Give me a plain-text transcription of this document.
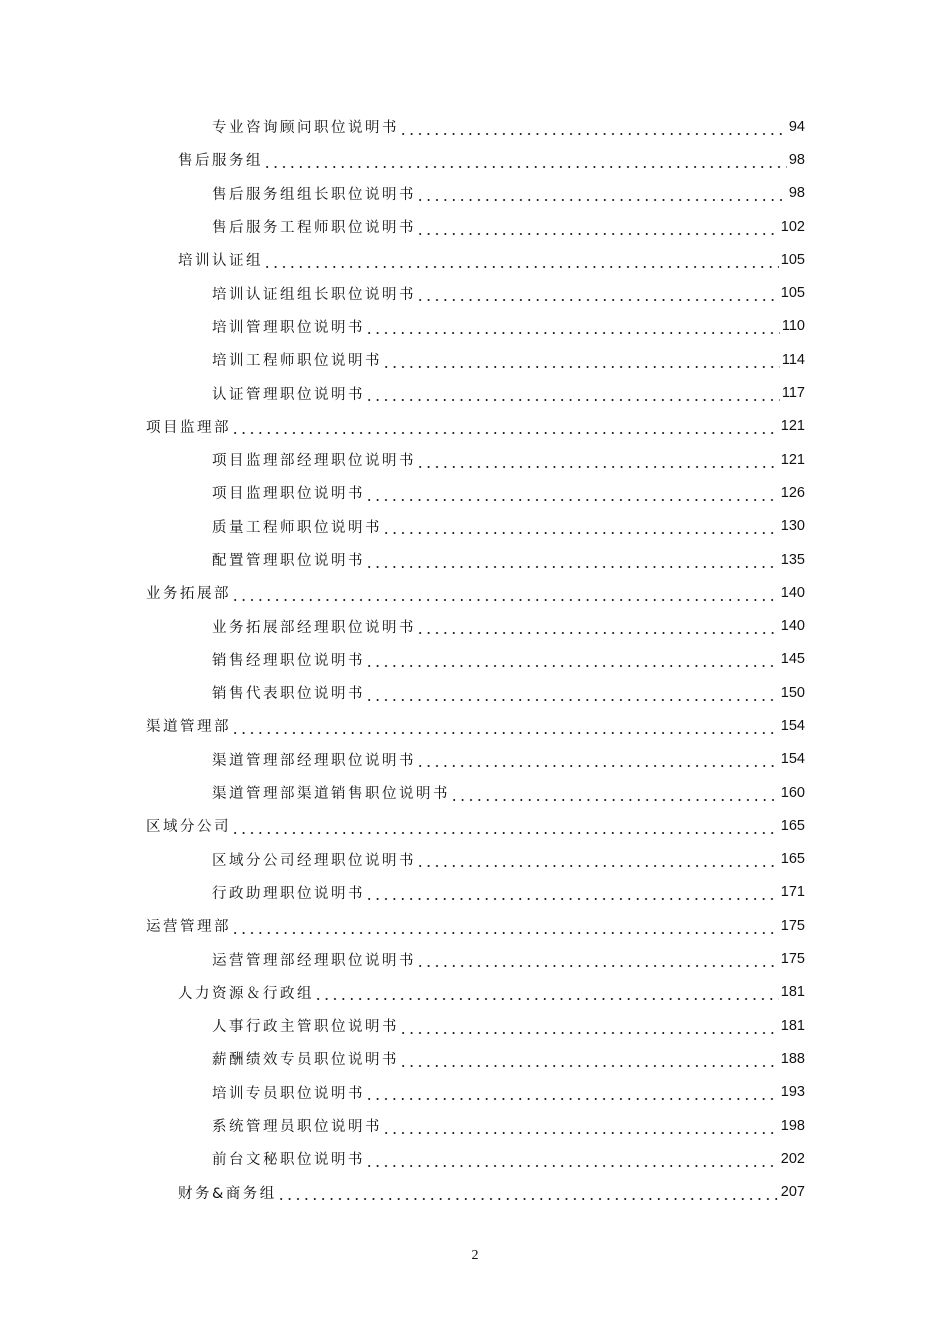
专业咨询顾问职位说明书	94
售后服务组	98
售后服务组组长职位说明书	98
售后服务工程师职位说明书	102
培训认证组	105
培训认证组组长职位说明书	105
培训管理职位说明书	110
培训工程师职位说明书	114
认证管理职位说明书	117
项目监理部	121
项目监理部经理职位说明书	121
项目监理职位说明书	126
质量工程师职位说明书	130
配置管理职位说明书	135
业务拓展部	140
业务拓展部经理职位说明书	140
销售经理职位说明书	145
销售代表职位说明书	150
渠道管理部	154
渠道管理部经理职位说明书	154
渠道管理部渠道销售职位说明书	160
区域分公司	165
区域分公司经理职位说明书	165
行政助理职位说明书	171
运营管理部	175
运营管理部经理职位说明书	175
人力资源＆行政组	181
人事行政主管职位说明书	181
薪酬绩效专员职位说明书	188
培训专员职位说明书	193
系统管理员职位说明书	198
前台文秘职位说明书	202
财务&商务组	207
2
